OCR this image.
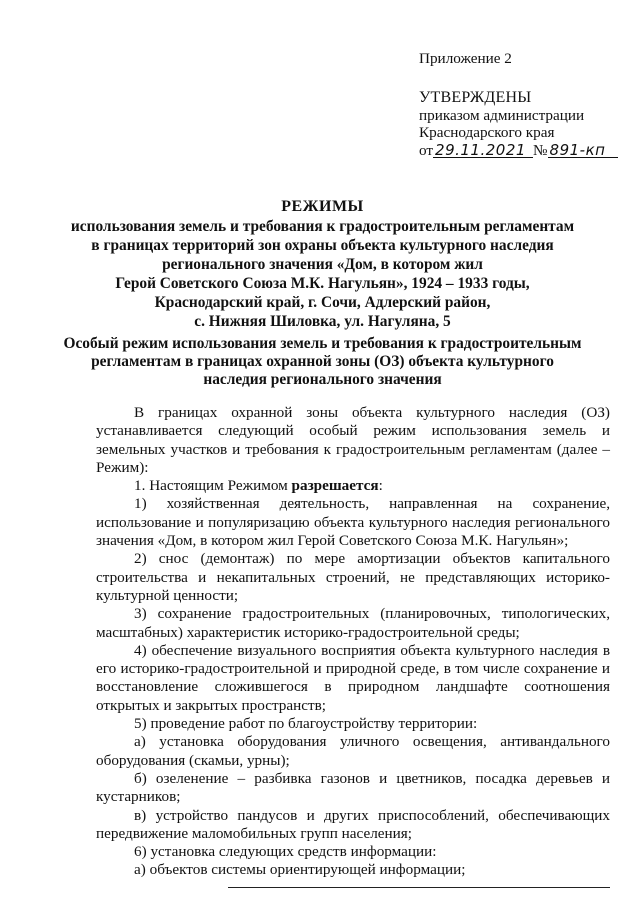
Приложение 2
УТВЕРЖДЕНЫ
приказом администрации
Краснодарского края
от 29.11.2021 № 891-кп
РЕЖИМЫ
использования земель и требования к градостроительным регламентам
в границах территорий зон охраны объекта культурного наследия
регионального значения «Дом, в котором жил
Герой Советского Союза М.К. Нагульян», 1924 – 1933 годы,
Краснодарский край, г. Сочи, Адлерский район,
с. Нижняя Шиловка, ул. Нагуляна, 5
Особый режим использования земель и требования к градостроительным
регламентам в границах охранной зоны (ОЗ) объекта культурного
наследия регионального значения

В границах охранной зоны объекта культурного наследия (ОЗ) устанавливается следующий особый режим использования земель и земельных участков и требования к градостроительным регламентам (далее – Режим):

1. Настоящим Режимом разрешается:

1) хозяйственная деятельность, направленная на сохранение, использование и популяризацию объекта культурного наследия регионального значения «Дом, в котором жил Герой Советского Союза М.К. Нагульян»;

2) снос (демонтаж) по мере амортизации объектов капитального строительства и некапитальных строений, не представляющих историко-культурной ценности;

3) сохранение градостроительных (планировочных, типологических, масштабных) характеристик историко-градостроительной среды;

4) обеспечение визуального восприятия объекта культурного наследия в его историко-градостроительной и природной среде, в том числе сохранение и восстановление сложившегося в природном ландшафте соотношения открытых и закрытых пространств;

5) проведение работ по благоустройству территории:

а) установка оборудования уличного освещения, антивандального оборудования (скамьи, урны);

б) озеленение – разбивка газонов и цветников, посадка деревьев и кустарников;

в) устройство пандусов и других приспособлений, обеспечивающих передвижение маломобильных групп населения;

6) установка следующих средств информации:

а) объектов системы ориентирующей информации;
